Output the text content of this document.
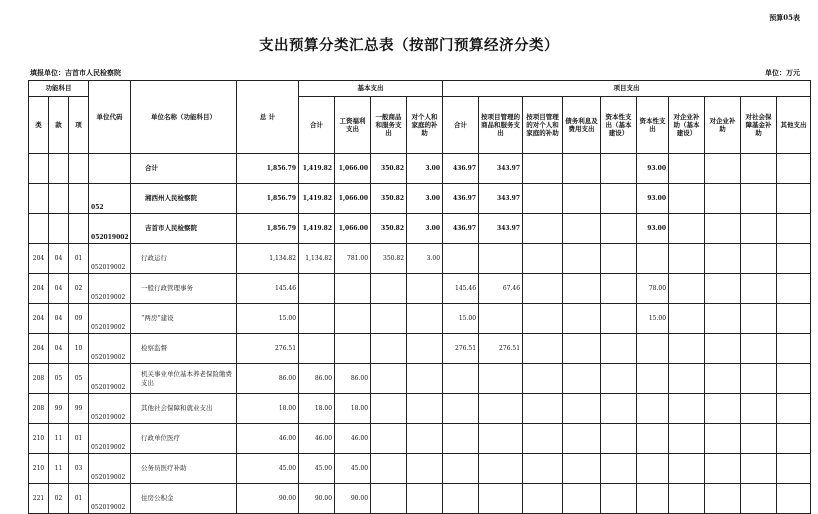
预算05表
支出预算分类汇总表（按部门预算经济分类）
填报单位：吉首市人民检察院	单位：万元
功能科目			单位代码	单位名称（功能科目）	总 计	基本支出				项目支出									
类	款	项				合计	工资福利支出	一般商品和服务支出	对个人和家庭的补助	合计	按项目管理的商品和服务支出	按项目管理的对个人和家庭的补助	债务利息及费用支出	资本性支出（基本建设）	资本性支出	对企业补助（基本建设）	对企业补助	对社会保障基金补助	其他支出
				合计	1,856.79	1,419.82	1,066.00	350.82	3.00	436.97	343.97				93.00				
			052	湘西州人民检察院	1,856.79	1,419.82	1,066.00	350.82	3.00	436.97	343.97				93.00				
			052019002	吉首市人民检察院	1,856.79	1,419.82	1,066.00	350.82	3.00	436.97	343.97				93.00				
204	04	01	052019002	行政运行	1,134.82	1,134.82	781.00	350.82	3.00										
204	04	02	052019002	一般行政管理事务	145.46					145.46	67.46				78.00				
204	04	09	052019002	“两房”建设	15.00					15.00					15.00				
204	04	10	052019002	检察监督	276.51					276.51	276.51								
208	05	05	052019002	机关事业单位基本养老保险缴费支出	86.00	86.00	86.00												
208	99	99	052019002	其他社会保障和就业支出	18.00	18.00	18.00												
210	11	01	052019002	行政单位医疗	46.00	46.00	46.00												
210	11	03	052019002	公务员医疗补助	45.00	45.00	45.00												
221	02	01	052019002	住房公积金	90.00	90.00	90.00												
